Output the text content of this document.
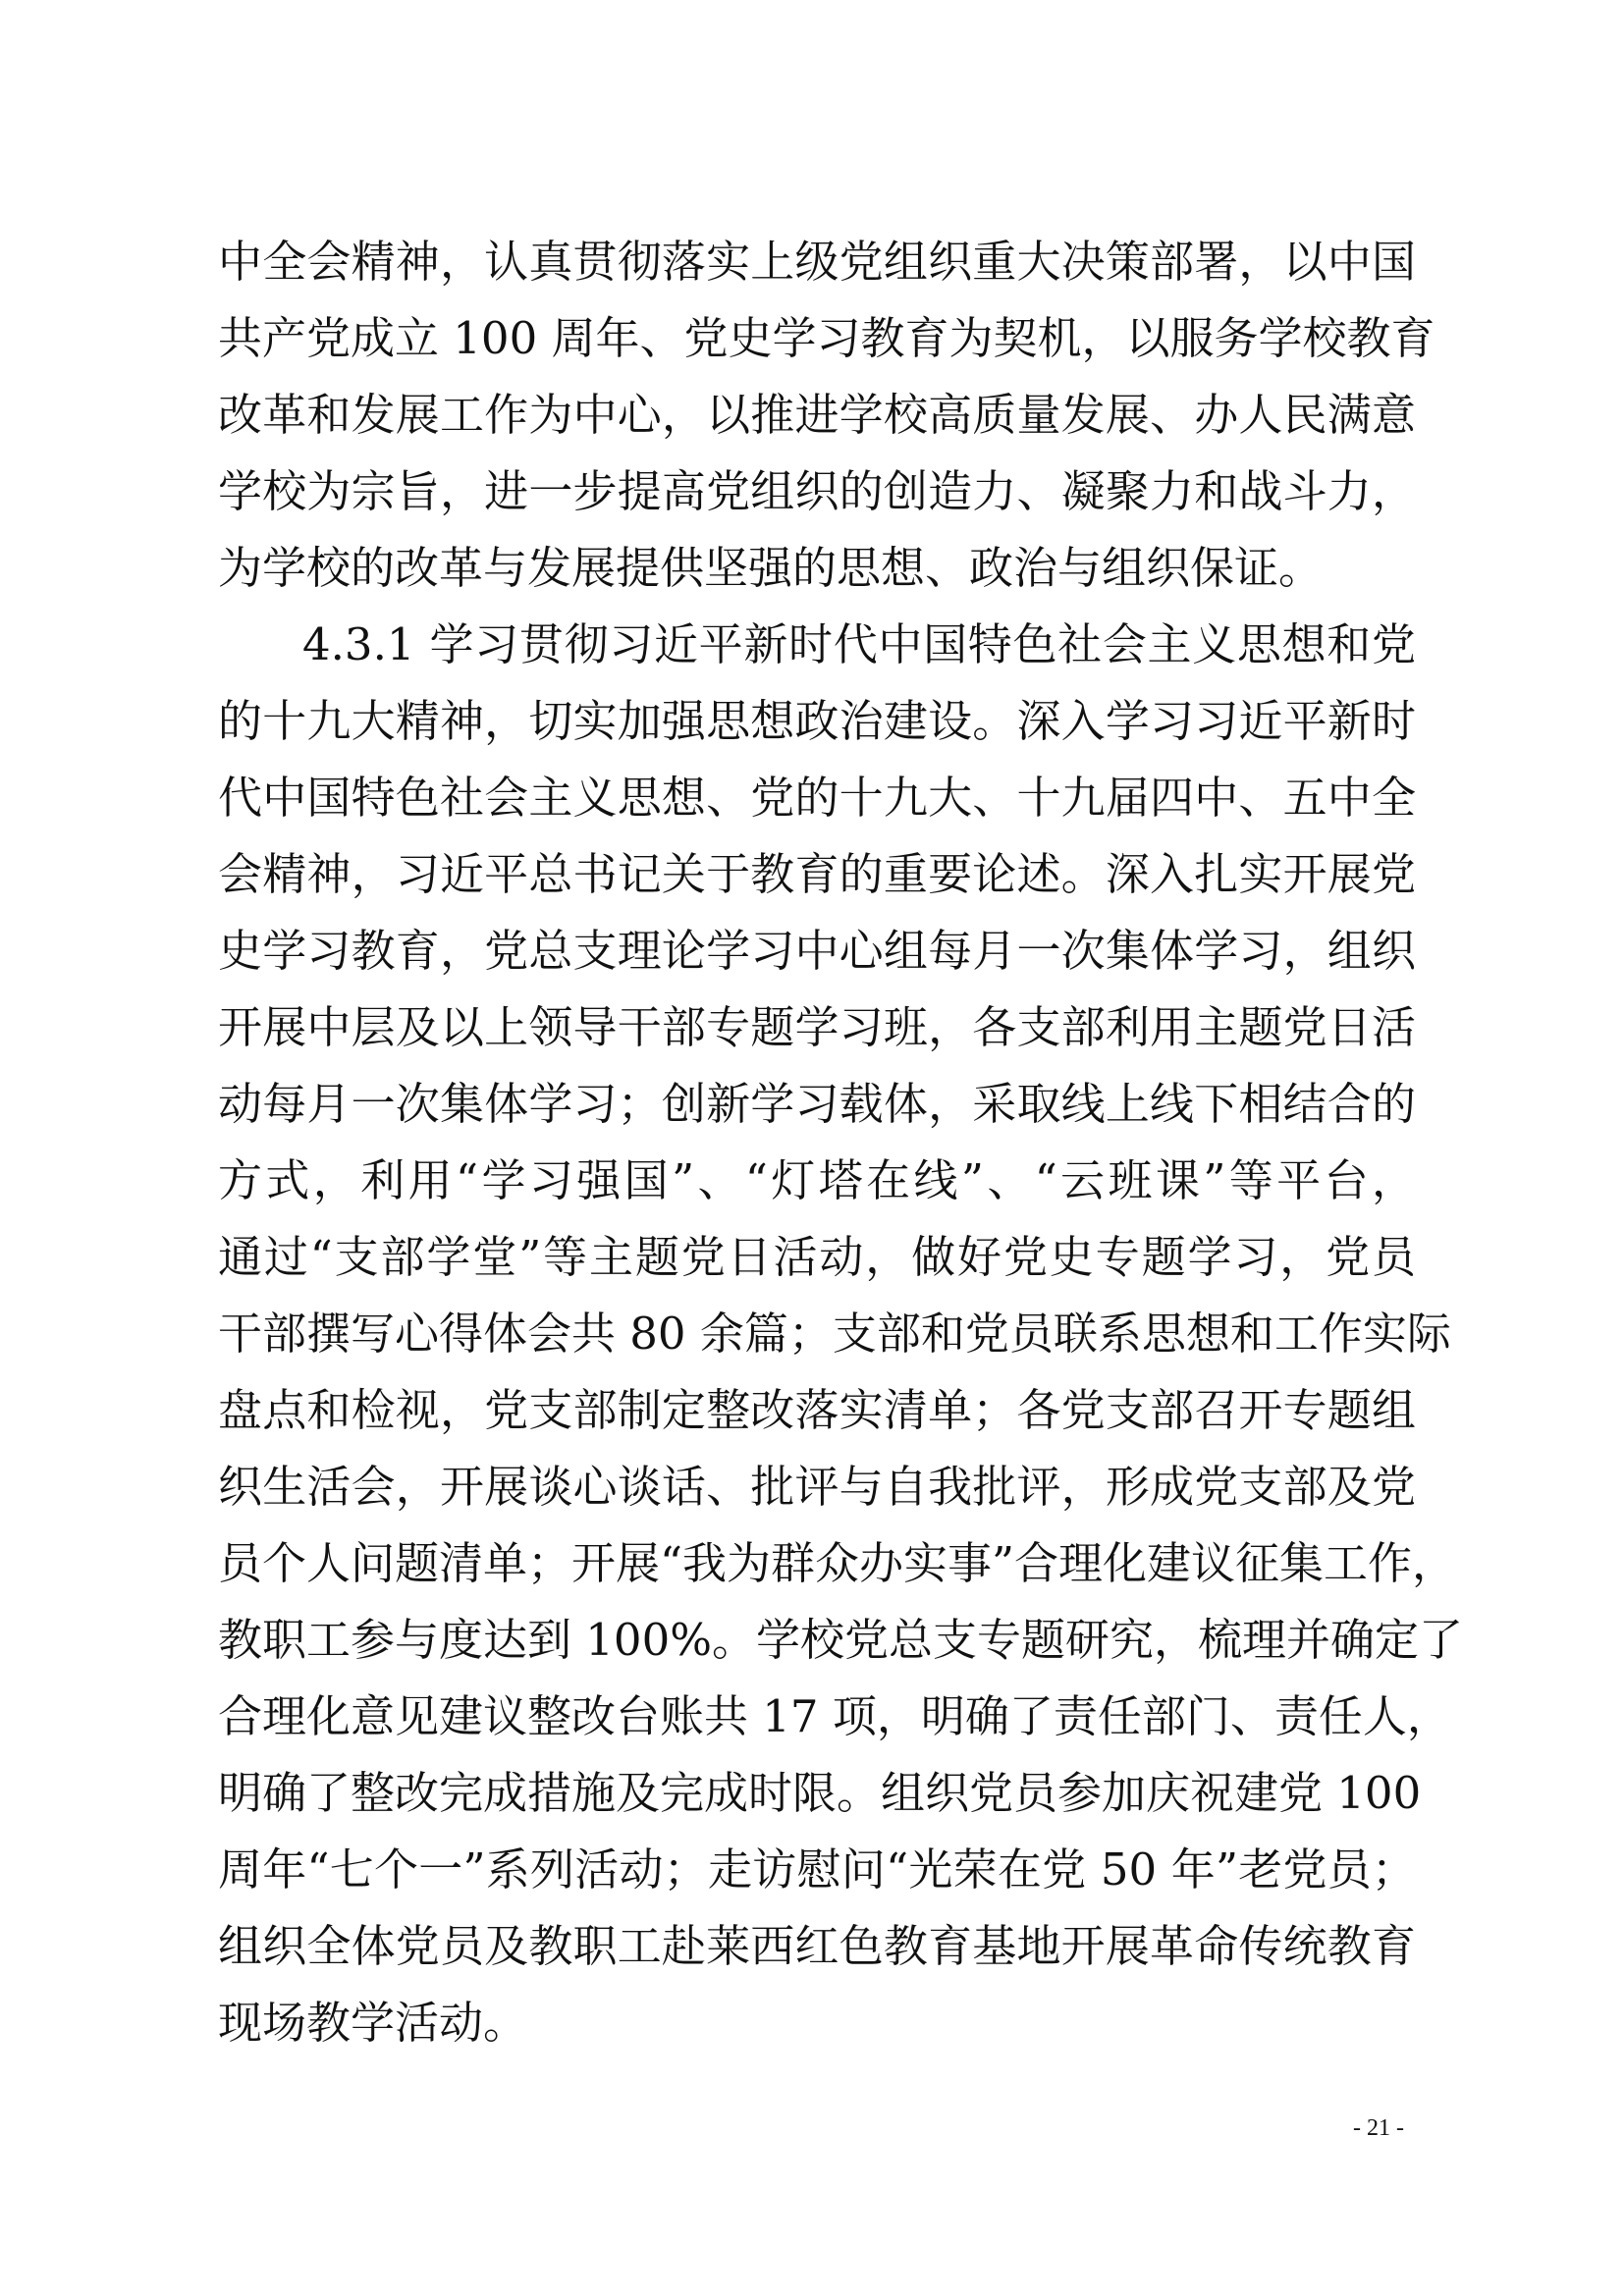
中全会精神，认真贯彻落实上级党组织重大决策部署，以中国
共产党成立 100 周年、党史学习教育为契机，以服务学校教育
改革和发展工作为中心，以推进学校高质量发展、办人民满意
学校为宗旨，进一步提高党组织的创造力、凝聚力和战斗力，
为学校的改革与发展提供坚强的思想、政治与组织保证。
4.3.1 学习贯彻习近平新时代中国特色社会主义思想和党
的十九大精神，切实加强思想政治建设。深入学习习近平新时
代中国特色社会主义思想、党的十九大、十九届四中、五中全
会精神，习近平总书记关于教育的重要论述。深入扎实开展党
史学习教育，党总支理论学习中心组每月一次集体学习，组织
开展中层及以上领导干部专题学习班，各支部利用主题党日活
动每月一次集体学习；创新学习载体，采取线上线下相结合的
方式，利用“学习强国”、“灯塔在线”、“云班课”等平台，
通过“支部学堂”等主题党日活动，做好党史专题学习，党员
干部撰写心得体会共 80 余篇；支部和党员联系思想和工作实际
盘点和检视，党支部制定整改落实清单；各党支部召开专题组
织生活会，开展谈心谈话、批评与自我批评，形成党支部及党
员个人问题清单；开展“我为群众办实事”合理化建议征集工作，
教职工参与度达到 100%。学校党总支专题研究，梳理并确定了
合理化意见建议整改台账共 17 项，明确了责任部门、责任人，
明确了整改完成措施及完成时限。组织党员参加庆祝建党 100
周年“七个一”系列活动；走访慰问“光荣在党 50 年”老党员；
组织全体党员及教职工赴莱西红色教育基地开展革命传统教育
现场教学活动。
- 21 -
